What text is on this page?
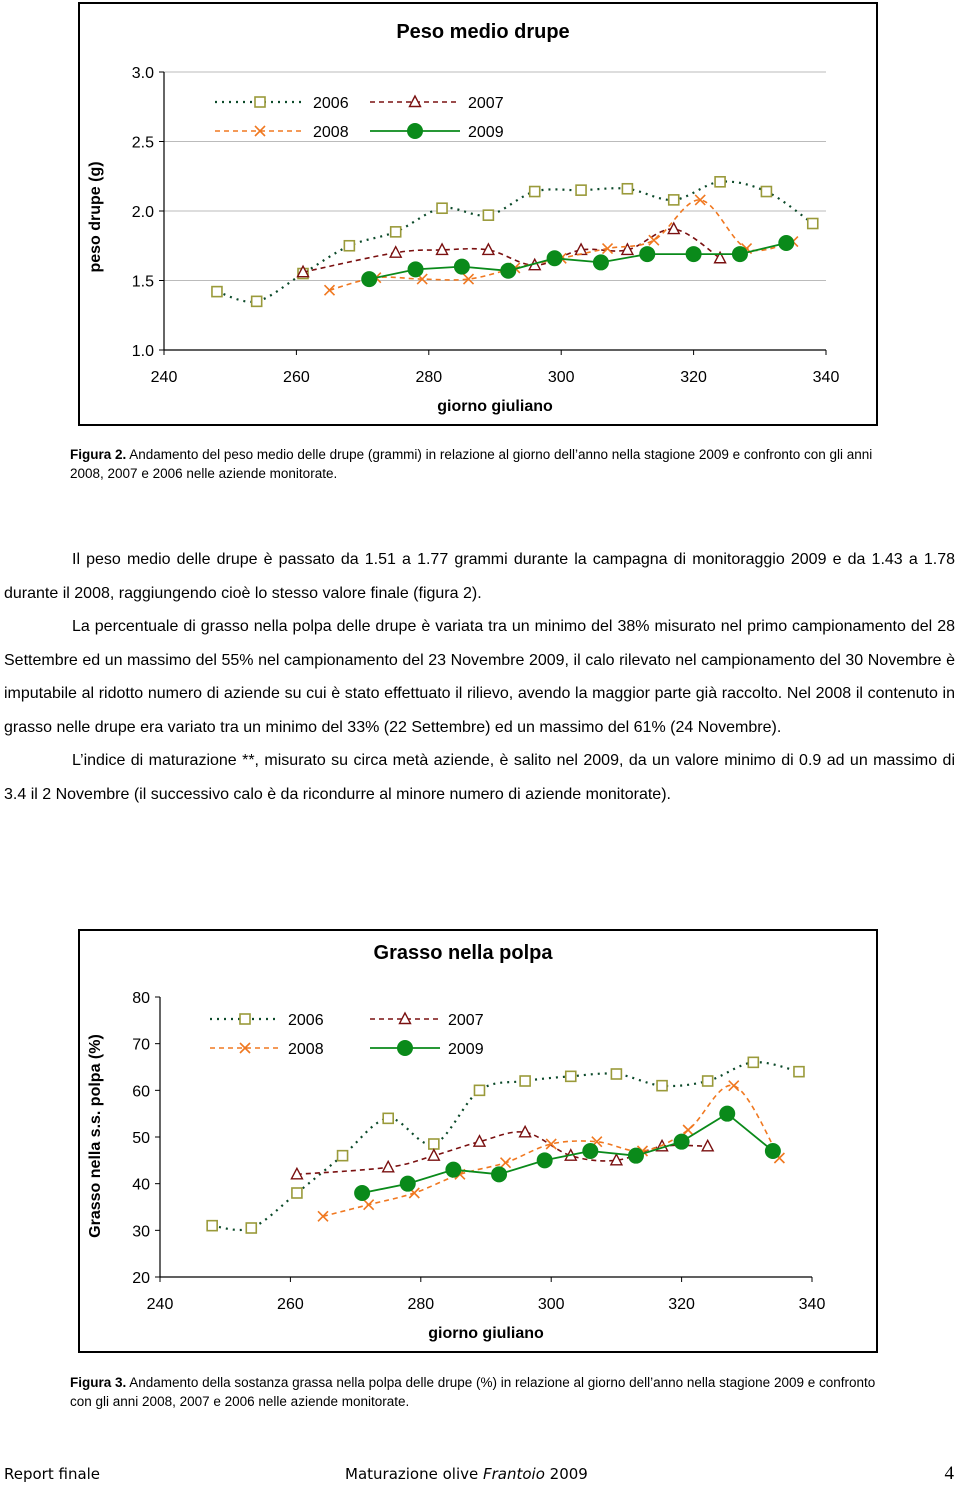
Peso medio drupe
1.0
1.5
2.0
2.5
3.0
240	260	280	300	320	340
giorno giuliano
peso drupe (g)
2006	2007
2008	2009
Figura 2. Andamento del peso medio delle drupe (grammi) in relazione al giorno dell’anno nella stagione 2009 e confronto con gli anni 2008, 2007 e 2006 nelle aziende monitorate.

Il peso medio delle drupe è passato da 1.51 a 1.77 grammi durante la campagna di monitoraggio 2009 e da 1.43 a 1.78 durante il 2008, raggiungendo cioè lo stesso valore finale (figura 2).

La percentuale di grasso nella polpa delle drupe è variata tra un minimo del 38% misurato nel primo campionamento del 28 Settembre ed un massimo del 55% nel campionamento del 23 Novembre 2009, il calo rilevato nel campionamento del 30 Novembre è imputabile al ridotto numero di aziende su cui è stato effettuato il rilievo, avendo la maggior parte già raccolto. Nel 2008 il contenuto in grasso nelle drupe era variato tra un minimo del 33% (22 Settembre) ed un massimo del 61% (24 Novembre).

L’indice di maturazione **, misurato su circa metà aziende, è salito nel 2009, da un valore minimo di 0.9 ad un massimo di 3.4 il 2 Novembre (il successivo calo è da ricondurre al minore numero di aziende monitorate).

Grasso nella polpa
20
30
40
50
60
70
80
240	260	280	300	320	340
giorno giuliano
Grasso nella s.s. polpa (%)
2006	2007
2008	2009
Figura 3. Andamento della sostanza grassa nella polpa delle drupe (%) in relazione al giorno dell’anno nella stagione 2009 e confronto con gli anni 2008, 2007 e 2006 nelle aziende monitorate.
Report finale	Maturazione olive Frantoio 2009	4
